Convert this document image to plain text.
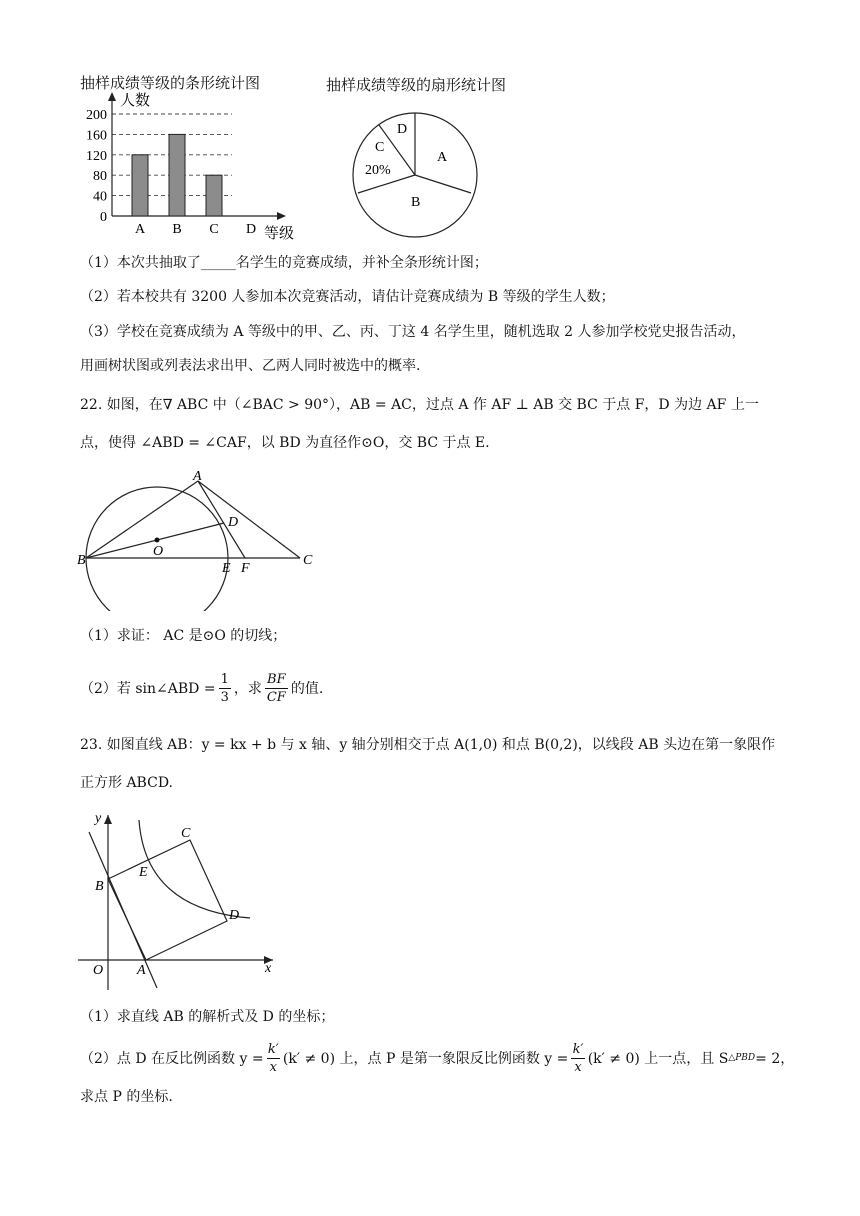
抽样成绩等级的条形统计图	抽样成绩等级的扇形统计图
0
40
80
120
160
200
人数
等级
A B C D
D
A
C
20%
B
（1）本次共抽取了_____名学生的竞赛成绩，并补全条形统计图；
（2）若本校共有 3200 人参加本次竞赛活动，请估计竞赛成绩为 B 等级的学生人数；
（3）学校在竞赛成绩为 A 等级中的甲、乙、丙、丁这 4 名学生里，随机选取 2 人参加学校党史报告活动，
用画树状图或列表法求出甲、乙两人同时被选中的概率.
22. 如图，在∇ ABC 中（∠BAC > 90°），AB = AC，过点 A 作 AF ⊥ AB 交 BC 于点 F，D 为边 AF 上一
点，使得 ∠ABD = ∠CAF，以 BD 为直径作⊙O，交 BC 于点 E.
A
B	C
D
O
E F
（1）求证： AC 是⊙O 的切线；
（2）若 sin∠ABD = $\frac{1}{3}$ ，求 $\frac{BF}{CF}$ 的值.
23. 如图直线 AB：y = kx + b 与 x 轴、y 轴分别相交于点 A(1,0) 和点 B(0,2)，以线段 AB 头边在第一象限作
正方形 ABCD.
y
x
O A
B
C
D
E
（1）求直线 AB 的解析式及 D 的坐标；
（2）点 D 在反比例函数 $y = \frac{k'}{x} (k' \ne 0)$ 上，点 P 是第一象限反比例函数 $y = \frac{k'}{x} (k' \ne 0)$ 上一点，且 S △PBD = 2，
求点 P 的坐标.
